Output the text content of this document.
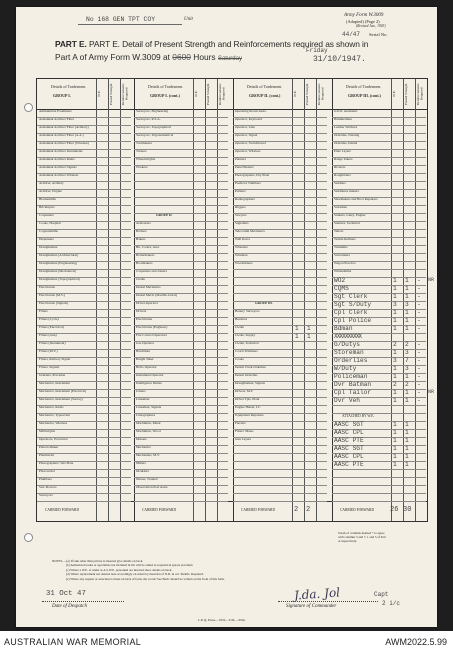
No 168 GEN TPT COY	Unit
Army Form W.3009
(Adapted) (Page 2)
(Revised Jan., 1943)
44/47 Serial No.
PART E. PART E. Detail of Present Strength and Reinforcements required as shown in
Part A of Army Form W.3009 at 0600 Hours Saturday
Friday
31/10/1947.
Details of Tradesmen.
GROUP I.	W.E.	Posted Strength	Reinforcements Required
Ammunition Examiners
Armament Artificer Fitter
Armament Artificer Fitter (Artillery)
Armament Artificer Fitter (A.A.)
Armament Artificer Fitter (Wireless)
Armament Artificer Instruments
Armament Artificer Radio
Armament Artificer Signals
Armament Artificer Wireless
Artificer, Artillery
Artificer, Engine
Blacksmiths
Bricklayers
Carpenters
Cooks, Hospital
Coppersmiths
Dispensers
Draughtsmen
Draughtsmen (Architectural)
Draughtsmen (Engineering)
Draughtsmen (Mechanical)
Draughtsmen (Topographical)
Electricians
Electricians (M.V.)
Electricians (Signals)
Fitters
Fitters (Cycle)
Fitters (Electrical)
Fitters (Gun)
Fitters (Instrument)
Fitters (M.V.)
Fitters, Railway Signal
Fitters, Signals
Grinders, Precision
Mechanics, Instrument
Mechanics, Instrument (Electrical)
Mechanics, Instrument (Survey)
Mechanics, Radio
Mechanics, Typewriter
Mechanics, Wireless
Millwrights
Operators, Excavator
Pattern Maker
Pharmacist
Photographers, Wet Plate
Photowriter
Plumbers
Saw Doctors
Surveyors
CARRIED FORWARD
Details of Tradesmen.
GROUP I. (cont.)	W.E.	Posted Strength	Reinforcements Required
Surveyors, Engineering
Surveyors, R.S.A.
Surveyors, Topographical
Surveyors, Trigonometrical
Toolmakers
Turners
Wheelwrights
Workers
GROUP II.
Armourers
Barbers
Bakers
Bit. Cook's, Asst.
Boilermakers
Bootmakers
Carpenters and Joiners
Clerks
Dental Mechanics
Dental Mech. (Maxillo-facial)
Driver-Operator
Drivers
Electricians
Electricians (Engineer)
Fire Control Operators
Gas Operator
Hatchman
Height Taker
Hollo Operator
Instrument Operator
Intelligence Duties
Joiners
Linesman
Linesmen, Signals
Lithographers
Machinists, Metal
Machinists, Wood
Masons
Mechanics
Mechanists, M.T.
Millers
Moulders
Nurses, Trained
Observation Post Assts.
CARRIED FORWARD
Details of Tradesmen.
GROUP II. (cont.)	W.E.	Posted Strength	Reinforcements Required
Operating Room Assts.
Operator, Keyboard
Operator, Line
Operator, Signal
Operator, Switchboard
Operator, Wireless
Painters
Panel Beaters
Photographers, Dry Plate
Predictor Numbers
Printers
Radiographers
Riggers
Sawyers
Signallers
Telecomm Mechanics
Wall Korrs
Wheelers
Wiremen
Woodturners
GROUP III.
Battery Surveyors
Butchers
Clerks
Clerks, Supply
Clerks, Technical
Coach Trimmers
Cooks
Dental Clerk Orderlies
Dental Orderlies
Draughtsmen, Signals
Drivers, M.T.
Driver Tpts, Plant
Engine Hands, I.C.
Equipment Repairers
Farriers
Fitters' Mates
Gun Layers
CARRIED FORWARD
Details of Tradesmen.
GROUP III. (cont.)	W.E.	Posted Strength	Reinforcements Required
G.P.O. Assistants
Hammermen
Leather Stitchers
Orderlies, Nursing
Orderlies, Dental
Plate Layers
Range Takers
Riveters
Roughriders
Saddlers
Saddletree makers
Shoemakers and Boot Repairers
Storemen
Strikers, Glazy, Engine
Sterners, Technical
Tailors
Textile Refiners
Tinsmiths
Vulcanizers
Wagon Erectors
Whitesmiths
CARRIED FORWARD
1 1
1 1
WO2	1 1 - NR
CQMS	1 1 -
Sgt Clerk	1 1 -
Sgt S/Duty	3 3 -
Cpl Clerk	1 1 -
Cpl Police	1 1 -
Bdman	1 1 -
XXXXXXXXXX
G/Dutys	2 2 -
Storeman	1 3 -
Orderlies	3 7 -
W/Duty	1 3 -
Policeman	1 1 -
Dvr Batman	2 2 -
Cpl Tailor	1 1 - NR
Dvr Veh	1 1 -
ATTACHED BY W.E.
AASC SGT	1 1
AASC CPL	1 1
AASC PTE	1 1
AASC SGT	1 1
AASC CPL	1 1
AASC PTE	1 1
2 2	26 30
Totals of columns marked * to agree with columns 3 and 7, 1 and 5 of Part A respectively.
NOTES.—(a) If tank other than private is inserted give details on back.
(b) Authorized trades or specialists not included in list will be added as required in spaces provided.
(c) Where a W.E. or under A.A.S.W.E. personnel are inserted show details on back.
(d) Where replacement not desired note accordingly on return by insertion of N.R. in col. 'Reinfs. Required'.
(e) Where any request or selection is made on back of form, the words 'See Back' should be written on the front of this form.
31 Oct 47
Date of Despatch
J.da. Jol	Capt
2 i/c
Signature of Commander
L.E.Q. Press—1952—T.M.—65m.
AUSTRALIAN WAR MEMORIAL	AWM2022.5.99
